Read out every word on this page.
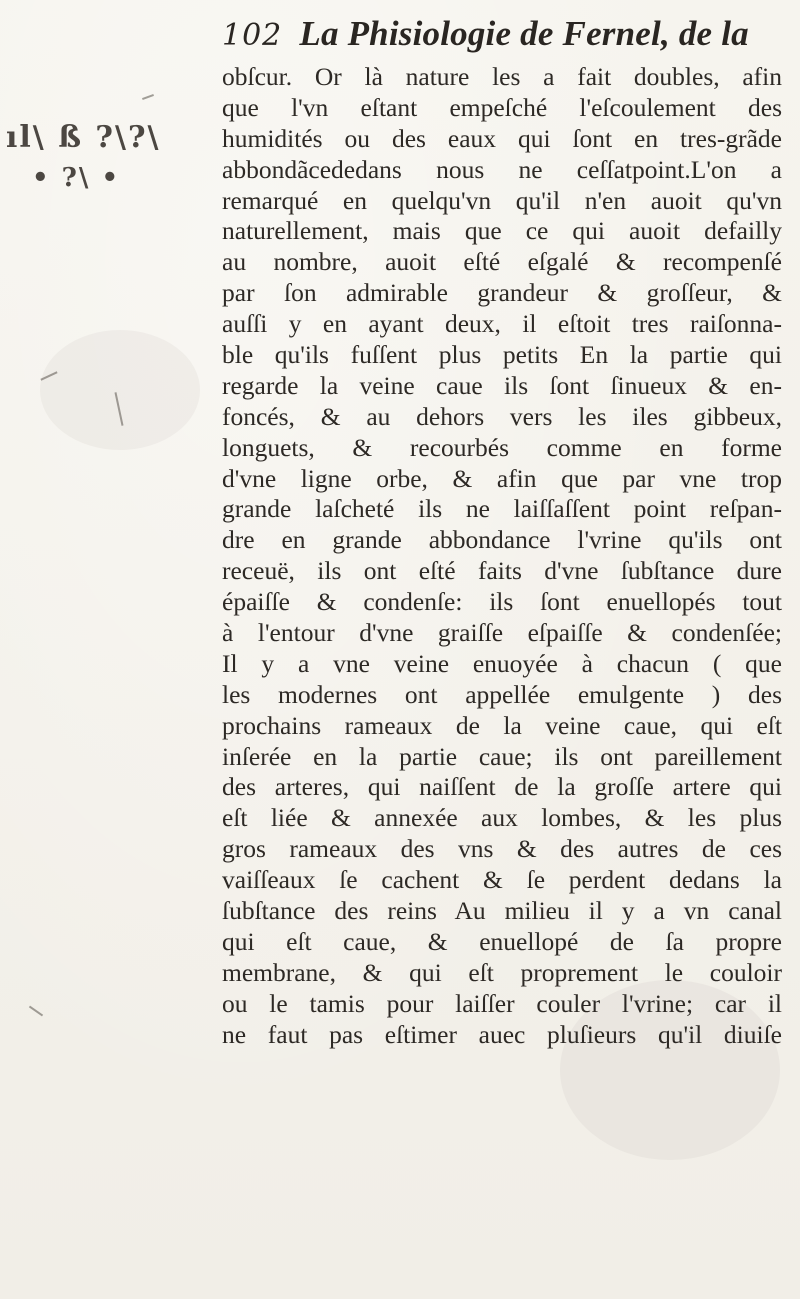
102 La Phisiologie de Fernel, de la
ıl\ ß ?\?\
• ?\ •
obſcur. Or là nature les a fait doubles, afin
que l'vn eſtant empeſché l'eſcoulement des
humidités ou des eaux qui ſont en tres-grãde
abbondãcededans nous ne ceſſatpoint.L'on a
remarqué en quelqu'vn qu'il n'en auoit qu'vn
naturellement, mais que ce qui auoit defailly
au nombre, auoit eſté eſgalé & recompenſé
par ſon admirable grandeur & groſſeur, &
auſſi y en ayant deux, il eſtoit tres raiſonna-
ble qu'ils fuſſent plus petits En la partie qui
regarde la veine caue ils ſont ſinueux & en-
foncés, & au dehors vers les iles gibbeux,
longuets, & recourbés comme en forme
d'vne ligne orbe, & afin que par vne trop
grande laſcheté ils ne laiſſaſſent point reſpan-
dre en grande abbondance l'vrine qu'ils ont
receuë, ils ont eſté faits d'vne ſubſtance dure
épaiſſe & condenſe: ils ſont enuellopés tout
à l'entour d'vne graiſſe eſpaiſſe & condenſée;
Il y a vne veine enuoyée à chacun ( que
les modernes ont appellée emulgente ) des
prochains rameaux de la veine caue, qui eſt
inſerée en la partie caue; ils ont pareillement
des arteres, qui naiſſent de la groſſe artere qui
eſt liée & annexée aux lombes, & les plus
gros rameaux des vns & des autres de ces
vaiſſeaux ſe cachent & ſe perdent dedans la
ſubſtance des reins Au milieu il y a vn canal
qui eſt caue, & enuellopé de ſa propre
membrane, & qui eſt proprement le couloir
ou le tamis pour laiſſer couler l'vrine; car il
ne faut pas eſtimer auec pluſieurs qu'il diuiſe
